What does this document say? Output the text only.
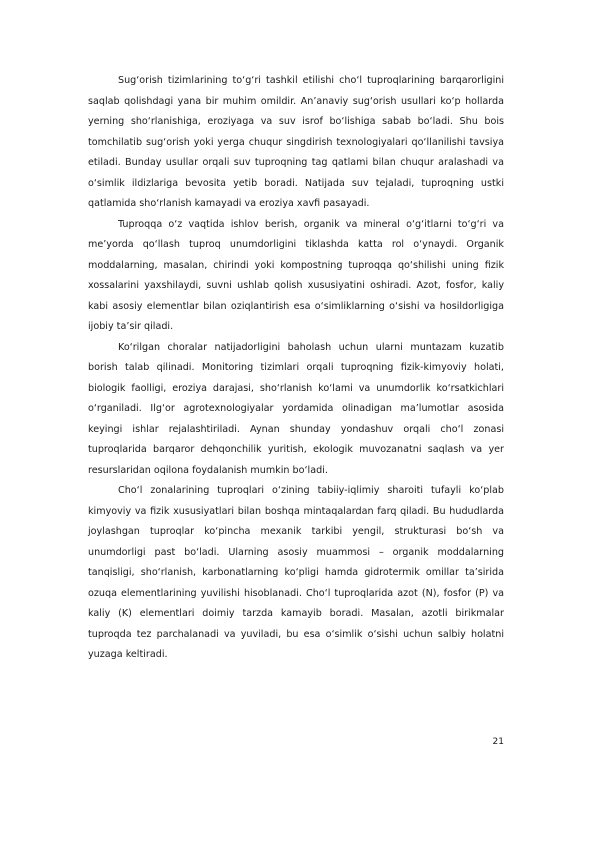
Sug‘orish tizimlarining to‘g‘ri tashkil etilishi cho‘l tuproqlarining barqarorligini saqlab qolishdagi yana bir muhim omildir. An’anaviy sug‘orish usullari ko‘p hollarda yerning sho‘rlanishiga, eroziyaga va suv isrof bo‘lishiga sabab bo‘ladi. Shu bois tomchilatib sug‘orish yoki yerga chuqur singdirish texnologiyalari qo‘llanilishi tavsiya etiladi. Bunday usullar orqali suv tuproqning tag qatlami bilan chuqur aralashadi va o‘simlik ildizlariga bevosita yetib boradi. Natijada suv tejaladi, tuproqning ustki qatlamida sho‘rlanish kamayadi va eroziya xavfi pasayadi.

Tuproqqa o‘z vaqtida ishlov berish, organik va mineral o‘g‘itlarni to‘g‘ri va me’yorda qo‘llash tuproq unumdorligini tiklashda katta rol o‘ynaydi. Organik moddalarning, masalan, chirindi yoki kompostning tuproqqa qo‘shilishi uning fizik xossalarini yaxshilaydi, suvni ushlab qolish xususiyatini oshiradi. Azot, fosfor, kaliy kabi asosiy elementlar bilan oziqlantirish esa o‘simliklarning o‘sishi va hosildorligiga ijobiy ta’sir qiladi.

Ko‘rilgan choralar natijadorligini baholash uchun ularni muntazam kuzatib borish talab qilinadi. Monitoring tizimlari orqali tuproqning fizik-kimyoviy holati, biologik faolligi, eroziya darajasi, sho‘rlanish ko‘lami va unumdorlik ko‘rsatkichlari o‘rganiladi. Ilg‘or agrotexnologiyalar yordamida olinadigan ma’lumotlar asosida keyingi ishlar rejalashtiriladi. Aynan shunday yondashuv orqali cho‘l zonasi tuproqlarida barqaror dehqonchilik yuritish, ekologik muvozanatni saqlash va yer resurslaridan oqilona foydalanish mumkin bo‘ladi.

Cho‘l zonalarining tuproqlari o‘zining tabiiy-iqlimiy sharoiti tufayli ko‘plab kimyoviy va fizik xususiyatlari bilan boshqa mintaqalardan farq qiladi. Bu hududlarda joylashgan tuproqlar ko‘pincha mexanik tarkibi yengil, strukturasi bo‘sh va unumdorligi past bo‘ladi. Ularning asosiy muammosi – organik moddalarning tanqisligi, sho‘rlanish, karbonatlarning ko‘pligi hamda gidrotermik omillar ta’sirida ozuqa elementlarining yuvilishi hisoblanadi. Cho‘l tuproqlarida azot (N), fosfor (P) va kaliy (K) elementlari doimiy tarzda kamayib boradi. Masalan, azotli birikmalar tuproqda tez parchalanadi va yuviladi, bu esa o‘simlik o‘sishi uchun salbiy holatni yuzaga keltiradi.

21
